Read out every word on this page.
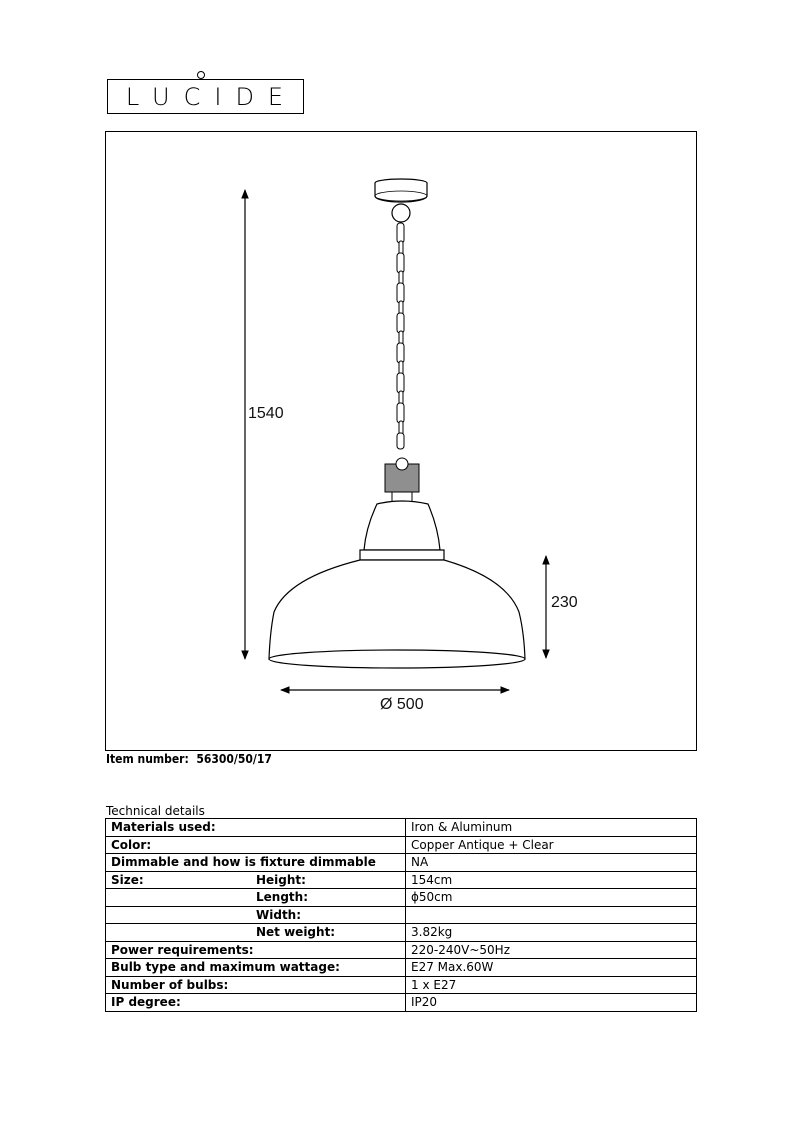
LUCIDE
1540
230
Ø 500
Item number: 56300/50/17
Technical details
Materials used:	Iron & Aluminum
Color:	Copper Antique + Clear
Dimmable and how is fixture dimmable	NA
Size: Height:	154cm

Length:	ϕ50cm

Width:	

Net weight:	3.82kg
Power requirements:	220-240V~50Hz
Bulb type and maximum wattage:	E27 Max.60W
Number of bulbs:	1 x E27
IP degree:	IP20
